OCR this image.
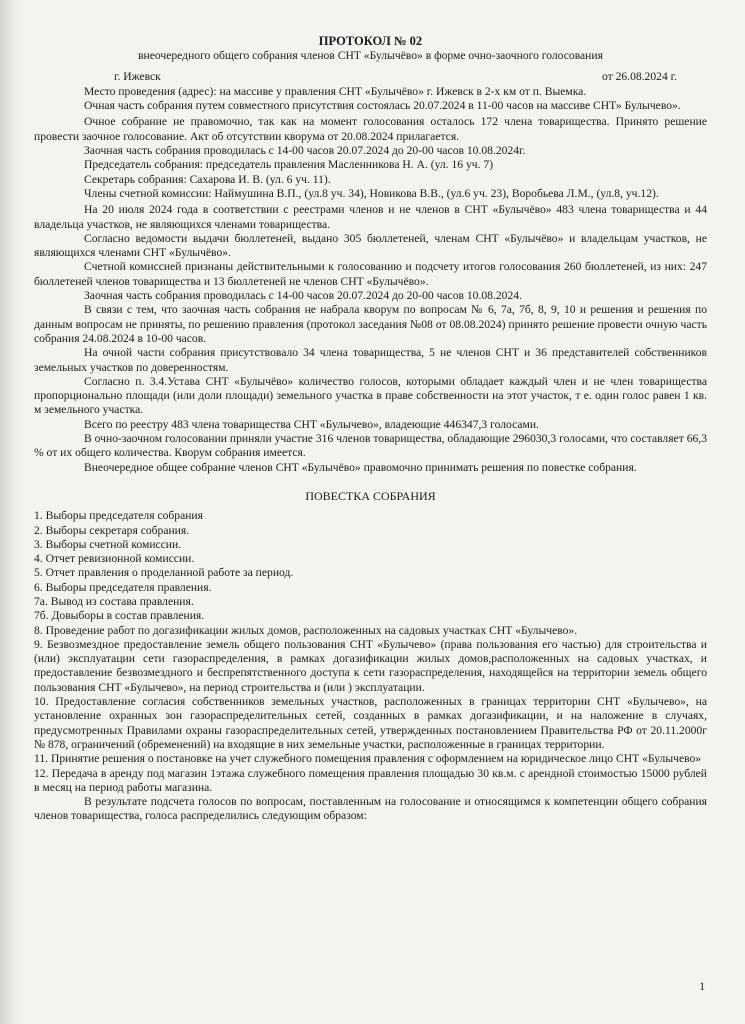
ПРОТОКОЛ № 02

внеочередного общего собрания членов СНТ «Булычёво» в форме очно-заочного голосования

г. Ижевск	от 26.08.2024 г.

Место проведения (адрес): на массиве у правления СНТ «Булычёво» г. Ижевск в 2-х км от п. Выемка.

Очная часть собрания путем совместного присутствия состоялась 20.07.2024 в 11-00 часов на массиве СНТ» Булычево».

Очное собрание не правомочно, так как на момент голосования осталось 172 члена товарищества. Принято решение провести заочное голосование. Акт об отсутствии кворума от 20.08.2024 прилагается.

Заочная часть собрания проводилась с 14-00 часов 20.07.2024 до 20-00 часов 10.08.2024г.

Председатель собрания: председатель правления Масленникова Н. А. (ул. 16 уч. 7)

Секретарь собрания: Сахарова И. В. (ул. 6 уч. 11).

Члены счетной комиссии: Наймушина В.П., (ул.8 уч. 34), Новикова В.В., (ул.6 уч. 23), Воробьева Л.М., (ул.8, уч.12).

На 20 июля 2024 года в соответствии с реестрами членов и не членов в СНТ «Булычёво» 483 члена товарищества и 44 владельца участков, не являющихся членами товарищества.

Согласно ведомости выдачи бюллетеней, выдано 305 бюллетеней, членам СНТ «Булычёво» и владельцам участков, не являющихся членами СНТ «Булычёво».

Счетной комиссией признаны действительными к голосованию и подсчету итогов голосования 260 бюллетеней, из них: 247 бюллетеней членов товарищества и 13 бюллетеней не членов СНТ «Булычёво».

Заочная часть собрания проводилась с 14-00 часов 20.07.2024 до 20-00 часов 10.08.2024.

В связи с тем, что заочная часть собрания не набрала кворум по вопросам № 6, 7а, 7б, 8, 9, 10 и решения и решения по данным вопросам не приняты, по решению правления (протокол заседания №08 от 08.08.2024) принято решение провести очную часть собрания 24.08.2024 в 10-00 часов.

На очной части собрания присутствовало 34 члена товарищества, 5 не членов СНТ и 36 представителей собственников земельных участков по доверенностям.

Согласно п. 3.4.Устава СНТ «Булычёво» количество голосов, которыми обладает каждый член и не член товарищества пропорционально площади (или доли площади) земельного участка в праве собственности на этот участок, т е. один голос равен 1 кв. м земельного участка.

Всего по реестру 483 члена товарищества СНТ «Булычево», владеющие 446347,3 голосами.

В очно-заочном голосовании приняли участие 316 членов товарищества, обладающие 296030,3 голосами, что составляет 66,3 % от их общего количества. Кворум собрания имеется.

Внеочередное общее собрание членов СНТ «Булычёво» правомочно принимать решения по повестке собрания.

ПОВЕСТКА СОБРАНИЯ

1. Выборы председателя собрания

2. Выборы секретаря собрания.

3. Выборы счетной комиссии.

4. Отчет ревизионной комиссии.

5. Отчет правления о проделанной работе за период.

6. Выборы председателя правления.

7а. Вывод из состава правления.

7б. Довыборы в состав правления.

8. Проведение работ по догазификации жилых домов, расположенных на садовых участках СНТ «Булычево».

9. Безвозмездное предоставление земель общего пользования СНТ «Булычево» (права пользования его частью) для строительства и (или) эксплуатации сети газораспределения, в рамках догазификации жилых домов,расположенных на садовых участках, и предоставление безвозмездного и беспрепятственного доступа к сети газораспределения, находящейся на территории земель общего пользования СНТ «Булычево», на период строительства и (или ) эксплуатации.

10. Предоставление согласия собственников земельных участков, расположенных в границах территории СНТ «Булычево», на установление охранных зон газораспределительных сетей, созданных в рамках догазификации, и на наложение в случаях, предусмотренных Правилами охраны газораспределительных сетей, утвержденных постановлением Правительства РФ от 20.11.2000г № 878, ограничений (обременений) на входящие в них земельные участки, расположенные в границах территории.

11. Принятие решения о постановке на учет служебного помещения правления с оформлением на юридическое лицо СНТ «Булычево»

12. Передача в аренду под магазин 1этажа служебного помещения правления площадью 30 кв.м. с арендной стоимостью 15000 рублей в месяц на период работы магазина.

В результате подсчета голосов по вопросам, поставленным на голосование и относящимся к компетенции общего собрания членов товарищества, голоса распределились следующим образом:

1
